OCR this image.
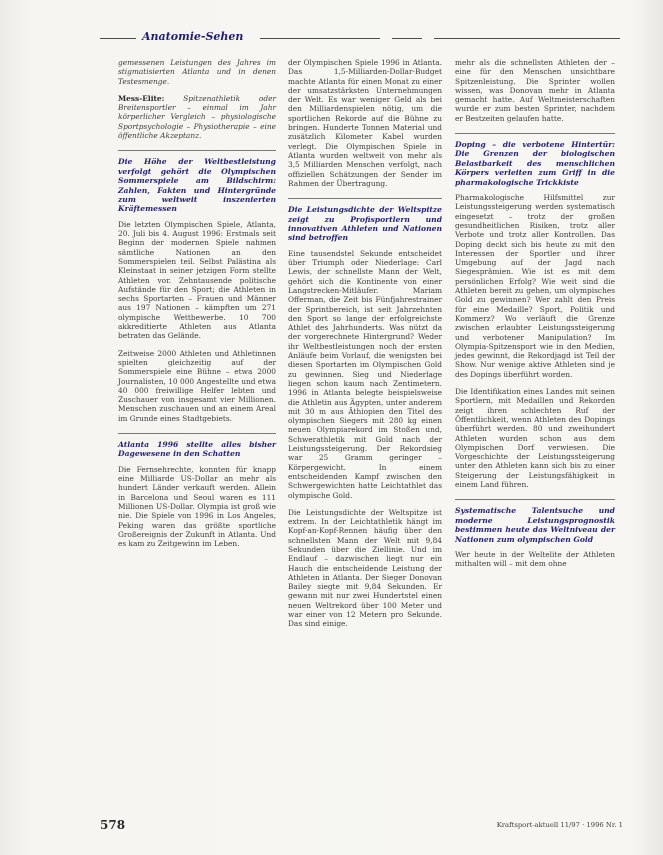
Anatomie-Sehen

gemessenen Leistungen des Jahres im stigmatisierten Atlanta und in denen Testesmenge.

Mess-Elite: Spitzenathletik oder Breitensportler – einmal im Jahr körperlicher Vergleich – physiologische Sportpsychologie – Physiotherapie – eine öffentliche Akzeptanz.

Die Höhe der Weltbestleistung verfolgt gehört die Olympischen Sommerspiele am Bildschirm: Zahlen, Fakten und Hintergründe zum weltweit inszenierten Kräftemessen

Die letzten Olympischen Spiele, Atlanta, 20. Juli bis 4. August 1996: Erstmals seit Beginn der modernen Spiele nahmen sämtliche Nationen an den Sommerspielen teil. Selbst Palästina als Kleinstaat in seiner jetzigen Form stellte Athleten vor. Zehntausende politische Aufstände für den Sport; die Athleten in sechs Sportarten – Frauen und Männer aus 197 Nationen – kämpften um 271 olympische Wettbewerbe. 10 700 akkreditierte Athleten aus Atlanta betraten das Gelände.

Zeitweise 2000 Athleten und Athletinnen spielten gleichzeitig auf der Sommerspiele eine Bühne – etwa 2000 Journalisten, 10 000 Angestellte und etwa 40 000 freiwillige Helfer lebten und Zuschauer von insgesamt vier Millionen. Menschen zuschauen und an einem Areal im Grunde eines Stadtgebiets.

Atlanta 1996 stellte alles bisher Dagewesene in den Schatten

Die Fernsehrechte, konnten für knapp eine Milliarde US-Dollar an mehr als hundert Länder verkauft werden. Allein in Barcelona und Seoul waren es 111 Millionen US-Dollar. Olympia ist groß wie nie. Die Spiele von 1996 in Los Angeles, Peking waren das größte sportliche Großereignis der Zukunft in Atlanta. Und es kam zu Zeitgewinn im Leben.

der Olympischen Spiele 1996 in Atlanta. Das 1,5-Milliarden-Dollar-Budget machte Atlanta für einen Monat zu einer der umsatzstärksten Unternehmungen der Welt. Es war weniger Geld als bei den Milliardenspielen nötig, um die sportlichen Rekorde auf die Bühne zu bringen. Hunderte Tonnen Material und zusätzlich Kilometer Kabel wurden verlegt. Die Olympischen Spiele in Atlanta wurden weltweit von mehr als 3,5 Milliarden Menschen verfolgt, nach offiziellen Schätzungen der Sender im Rahmen der Übertragung.

Die Leistungsdichte der Weltspitze zeigt zu Profisportlern und innovativen Athleten und Nationen sind betroffen

Eine tausendstel Sekunde entscheidet über Triumph oder Niederlage: Carl Lewis, der schnellste Mann der Welt, gehört sich die Kontinente von einer Langstrecken-Mitläufer. Mariam Offerman, die Zeit bis Fünfjahrestrainer der Sprintbereich, ist seit Jahrzehnten den Sport so lange der erfolgreichste Athlet des Jahrhunderts. Was nützt da der vorgerechnete Hintergrund? Weder ihr Weltbestleistungen noch der ersten Anläufe beim Vorlauf, die wenigsten bei diesen Sportarten im Olympischen Gold zu gewinnen. Sieg und Niederlage liegen schon kaum nach Zentimetern. 1996 in Atlanta belegte beispielsweise die Athletin aus Ägypten, unter anderem mit 30 m aus Äthiopien den Titel des olympischen Siegers mit 280 kg einen neuen Olympiarekord im Stoßen und, Schwerathletik mit Gold nach der Leistungssteigerung. Der Rekordsieg war 25 Gramm geringer – Körpergewicht. In einem entscheidenden Kampf zwischen den Schwergewichten hatte Leichtathlet das olympische Gold.

Die Leistungsdichte der Weltspitze ist extrem. In der Leichtathletik hängt im Kopf-an-Kopf-Rennen häufig über den schnellsten Mann der Welt mit 9,84 Sekunden über die Ziellinie. Und im Endlauf – dazwischen liegt nur ein Hauch die entscheidende Leistung der Athleten in Atlanta. Der Sieger Donovan Bailey siegte mit 9,84 Sekunden. Er gewann mit nur zwei Hundertstel einen neuen Weltrekord über 100 Meter und war einer von 12 Metern pro Sekunde. Das sind einige.

mehr als die schnellsten Athleten der – eine für den Menschen unsichtbare Spitzenleistung. Die Sprinter wollen wissen, was Donovan mehr in Atlanta gemacht hatte. Auf Weltmeisterschaften wurde er zum besten Sprinter, nachdem er Bestzeiten gelaufen hatte.

Doping – die verbotene Hintertür: Die Grenzen der biologischen Belastbarkeit des menschlichen Körpers verleiten zum Griff in die pharmakologische Trickkiste

Pharmakologische Hilfsmittel zur Leistungssteigerung werden systematisch eingesetzt – trotz der großen gesundheitlichen Risiken, trotz aller Verbote und trotz aller Kontrollen. Das Doping deckt sich bis heute zu mit den Interessen der Sportler und ihrer Umgebung auf der Jagd nach Siegesprämien. Wie ist es mit dem persönlichen Erfolg? Wie weit sind die Athleten bereit zu gehen, um olympisches Gold zu gewinnen? Wer zahlt den Preis für eine Medaille? Sport, Politik und Kommerz? Wo verläuft die Grenze zwischen erlaubter Leistungssteigerung und verbotener Manipulation? Im Olympia-Spitzensport wie in den Medien, jedes gewinnt, die Rekordjagd ist Teil der Show. Nur wenige aktive Athleten sind je des Dopings überführt worden.

Die Identifikation eines Landes mit seinen Sportlern, mit Medaillen und Rekorden zeigt ihren schlechten Ruf der Öffentlichkeit, wenn Athleten des Dopings überführt werden. 80 und zweihundert Athleten wurden schon aus dem Olympischen Dorf verwiesen. Die Vorgeschichte der Leistungssteigerung unter den Athleten kann sich bis zu einer Steigerung der Leistungsfähigkeit in einem Land führen.

Systematische Talentsuche und moderne Leistungsprognostik bestimmen heute das Weltniveau der Nationen zum olympischen Gold

Wer heute in der Weltelite der Athleten mithalten will – mit dem ohne

578	Kraftsport-aktuell 11/97 · 1996 Nr. 1
